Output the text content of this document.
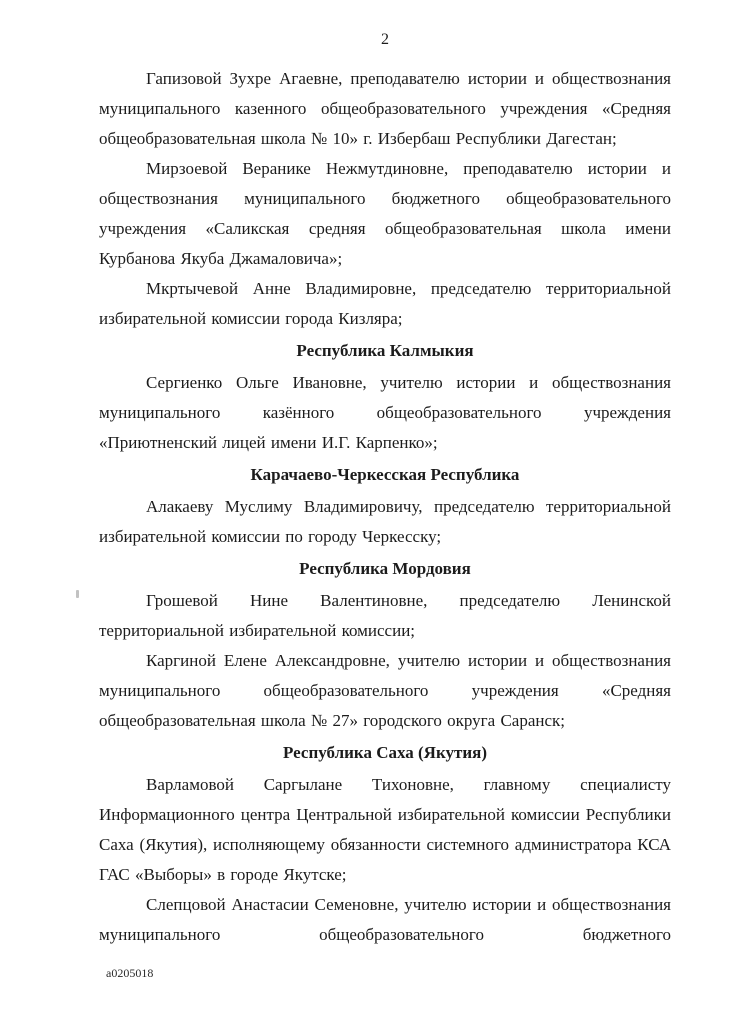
2

Гапизовой Зухре Агаевне, преподавателю истории и обществознания муниципального казенного общеобразовательного учреждения «Средняя общеобразовательная школа № 10» г. Избербаш Республики Дагестан;

Мирзоевой Веранике Нежмутдиновне, преподавателю истории и обществознания муниципального бюджетного общеобразовательного учреждения «Саликская средняя общеобразовательная школа имени Курбанова Якуба Джамаловича»;

Мкртычевой Анне Владимировне, председателю территориальной избирательной комиссии города Кизляра;

Республика Калмыкия

Сергиенко Ольге Ивановне, учителю истории и обществознания муниципального казённого общеобразовательного учреждения «Приютненский лицей имени И.Г. Карпенко»;

Карачаево-Черкесская Республика

Алакаеву Муслиму Владимировичу, председателю территориальной избирательной комиссии по городу Черкесску;

Республика Мордовия

Грошевой Нине Валентиновне, председателю Ленинской территориальной избирательной комиссии;

Каргиной Елене Александровне, учителю истории и обществознания муниципального общеобразовательного учреждения «Средняя общеобразовательная школа № 27» городского округа Саранск;

Республика Саха (Якутия)

Варламовой Саргылане Тихоновне, главному специалисту Информационного центра Центральной избирательной комиссии Республики Саха (Якутия), исполняющему обязанности системного администратора КСА ГАС «Выборы» в городе Якутске;

Слепцовой Анастасии Семеновне, учителю истории и обществознания муниципального общеобразовательного бюджетного

a0205018
